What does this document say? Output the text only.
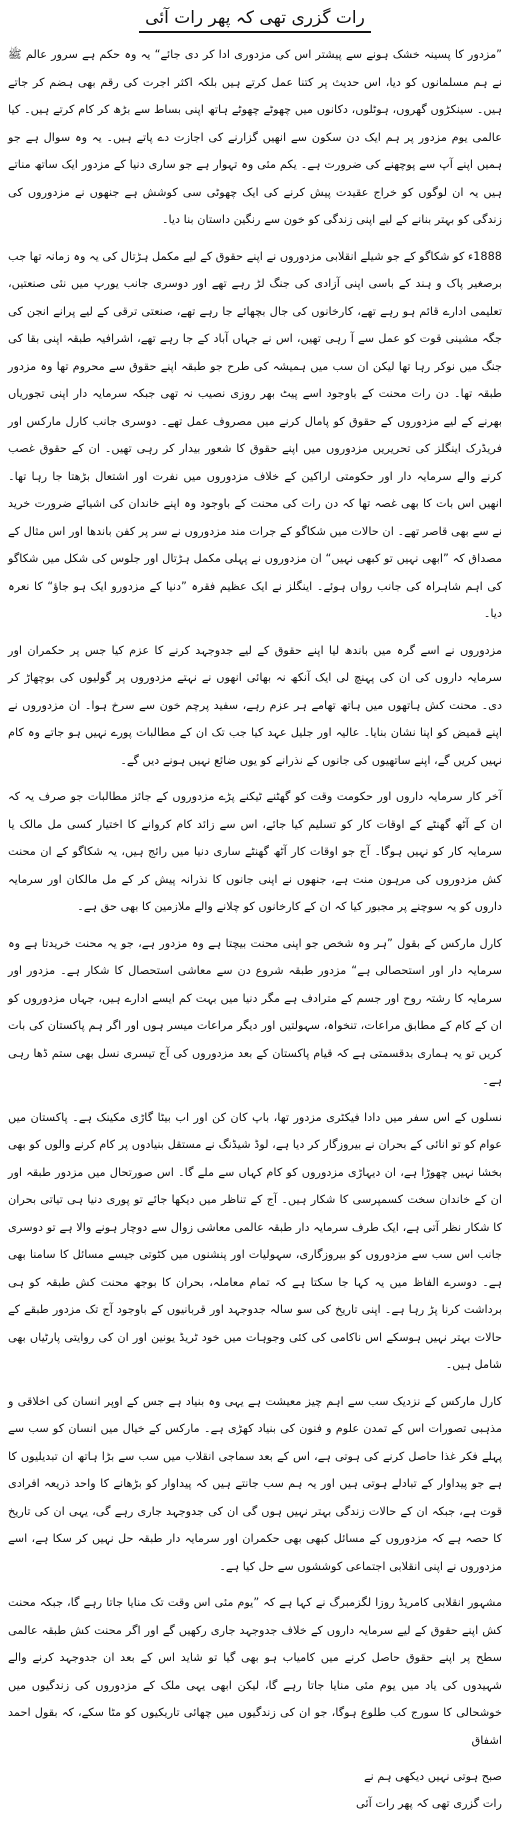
رات گزری تھی کہ پھر رات آئی

”مزدور کا پسینہ خشک ہونے سے پیشتر اس کی مزدوری ادا کر دی جائے“ یہ وہ حکم ہے سرور عالم ﷺ نے ہم مسلمانوں کو دیا، اس حدیث پر کتنا عمل کرتے ہیں بلکہ اکثر اجرت کی رقم بھی ہضم کر جاتے ہیں۔ سینکڑوں گھروں، ہوٹلوں، دکانوں میں چھوٹے چھوٹے ہاتھ اپنی بساط سے بڑھ کر کام کرتے ہیں۔ کیا عالمی یوم مزدور پر ہم ایک دن سکون سے انھیں گزارنے کی اجازت دے پاتے ہیں۔ یہ وہ سوال ہے جو ہمیں اپنے آپ سے پوچھنے کی ضرورت ہے۔ یکم مئی وہ تہوار ہے جو ساری دنیا کے مزدور ایک ساتھ مناتے ہیں یہ ان لوگوں کو خراج عقیدت پیش کرنے کی ایک چھوٹی سی کوشش ہے جنھوں نے مزدوروں کی زندگی کو بہتر بنانے کے لیے اپنی زندگی کو خون سے رنگین داستان بنا دیا۔

1888ء کو شکاگو کے جو شیلے انقلابی مزدوروں نے اپنے حقوق کے لیے مکمل ہڑتال کی یہ وہ زمانہ تھا جب برصغیر پاک و ہند کے باسی اپنی آزادی کی جنگ لڑ رہے تھے اور دوسری جانب یورپ میں نئی صنعتیں، تعلیمی ادارے قائم ہو رہے تھے، کارخانوں کی جال بچھائے جا رہے تھے، صنعتی ترقی کے لیے پرانے انجن کی جگہ مشینی قوت کو عمل سے آ رہی تھیں، اس نے جہاں آباد کے جا رہے تھے، اشرافیہ طبقہ اپنی بقا کی جنگ میں نوکر رہا تھا لیکن ان سب میں ہمیشہ کی طرح جو طبقہ اپنے حقوق سے محروم تھا وہ مزدور طبقہ تھا۔ دن رات محنت کے باوجود اسے پیٹ بھر روزی نصیب نہ تھی جبکہ سرمایہ دار اپنی تجوریاں بھرنے کے لیے مزدوروں کے حقوق کو پامال کرنے میں مصروف عمل تھے۔ دوسری جانب کارل مارکس اور فریڈرک اینگلز کی تحریریں مزدوروں میں اپنے حقوق کا شعور بیدار کر رہی تھیں۔ ان کے حقوق غصب کرنے والے سرمایہ دار اور حکومتی اراکین کے خلاف مزدوروں میں نفرت اور اشتعال بڑھتا جا رہا تھا۔ انھیں اس بات کا بھی غصہ تھا کہ دن رات کی محنت کے باوجود وہ اپنے خاندان کی اشیائے ضرورت خرید نے سے بھی قاصر تھے۔ ان حالات میں شکاگو کے جرات مند مزدوروں نے سر پر کفن باندھا اور اس مثال کے مصداق کہ ”ابھی نہیں تو کبھی نہیں“ ان مزدوروں نے پہلی مکمل ہڑتال اور جلوس کی شکل میں شکاگو کی اہم شاہراہ کی جانب رواں ہوئے۔ اینگلز نے ایک عظیم فقرہ ”دنیا کے مزدورو ایک ہو جاؤ“ کا نعرہ دیا۔

مزدوروں نے اسے گرہ میں باندھ لیا اپنے حقوق کے لیے جدوجہد کرنے کا عزم کیا جس پر حکمران اور سرمایہ داروں کی ان کی پہنچ لی ایک آنکھ نہ بھائی انھوں نے نہتے مزدوروں پر گولیوں کی بوچھاڑ کر دی۔ محنت کش ہاتھوں میں ہاتھ تھامے ہر عزم رہے، سفید پرچم خون سے سرخ ہوا۔ ان مزدوروں نے اپنے قمیض کو اپنا نشان بنایا۔ عالیہ اور جلیل عہد کیا جب تک ان کے مطالبات پورے نہیں ہو جاتے وہ کام نہیں کریں گے، اپنے ساتھیوں کی جانوں کے نذرانے کو یوں ضائع نہیں ہونے دیں گے۔

آخر کار سرمایہ داروں اور حکومت وقت کو گھٹنے ٹیکنے پڑے مزدوروں کے جائز مطالبات جو صرف یہ کہ ان کے آٹھ گھنٹے کے اوقات کار کو تسلیم کیا جائے، اس سے زائد کام کروانے کا اختیار کسی مل مالک یا سرمایہ کار کو نہیں ہوگا۔ آج جو اوقات کار آٹھ گھنٹے ساری دنیا میں رائج ہیں، یہ شکاگو کے ان محنت کش مزدوروں کی مرہون منت ہے، جنھوں نے اپنی جانوں کا نذرانہ پیش کر کے مل مالکان اور سرمایہ داروں کو یہ سوچنے پر مجبور کیا کہ ان کے کارخانوں کو چلانے والے ملازمین کا بھی حق ہے۔

کارل مارکس کے بقول ”ہر وہ شخص جو اپنی محنت بیچتا ہے وہ مزدور ہے، جو یہ محنت خریدتا ہے وہ سرمایہ دار اور استحصالی ہے“ مزدور طبقہ شروع دن سے معاشی استحصال کا شکار ہے۔ مزدور اور سرمایہ کا رشتہ روح اور جسم کے مترادف ہے مگر دنیا میں بہت کم ایسے ادارے ہیں، جہاں مزدوروں کو ان کے کام کے مطابق مراعات، تنخواہ، سہولتیں اور دیگر مراعات میسر ہوں اور اگر ہم پاکستان کی بات کریں تو یہ ہماری بدقسمتی ہے کہ قیام پاکستان کے بعد مزدوروں کی آج تیسری نسل بھی ستم ڈھا رہی ہے۔

نسلوں کے اس سفر میں دادا فیکٹری مزدور تھا، باپ کان کن اور اب بیٹا گاڑی مکینک ہے۔ پاکستان میں عوام کو تو انائی کے بحران نے بیروزگار کر دیا ہے، لوڈ شیڈنگ نے مستقل بنیادوں پر کام کرنے والوں کو بھی بخشا نہیں چھوڑا ہے، ان دیہاڑی مزدوروں کو کام کہاں سے ملے گا۔ اس صورتحال میں مزدور طبقہ اور ان کے خاندان سخت کسمپرسی کا شکار ہیں۔ آج کے تناظر میں دیکھا جائے تو پوری دنیا ہی تیاتی بحران کا شکار نظر آتی ہے، ایک طرف سرمایہ دار طبقہ عالمی معاشی زوال سے دوچار ہونے والا ہے تو دوسری جانب اس سب سے مزدوروں کو بیروزگاری، سہولیات اور پنشنوں میں کٹوتی جیسے مسائل کا سامنا بھی ہے۔ دوسرے الفاظ میں یہ کہا جا سکتا ہے کہ تمام معاملہ، بحران کا بوجھ محنت کش طبقہ کو ہی برداشت کرنا پڑ رہا ہے۔ اپنی تاریخ کی سو سالہ جدوجہد اور قربانیوں کے باوجود آج تک مزدور طبقے کے حالات بہتر نہیں ہوسکے اس ناکامی کی کئی وجوہات میں خود ٹریڈ یونین اور ان کی روایتی پارٹیاں بھی شامل ہیں۔

کارل مارکس کے نزدیک سب سے اہم چیز معیشت ہے یہی وہ بنیاد ہے جس کے اوپر انسان کی اخلاقی و مذہبی تصورات اس کے تمدن علوم و فنون کی بنیاد کھڑی ہے۔ مارکس کے خیال میں انسان کو سب سے پہلے فکر غذا حاصل کرنے کی ہوتی ہے، اس کے بعد سماجی انقلاب میں سب سے بڑا ہاتھ ان تبدیلیوں کا ہے جو پیداوار کے تبادلے ہوتی ہیں اور یہ ہم سب جانتے ہیں کہ پیداوار کو بڑھانے کا واحد ذریعہ افرادی قوت ہے، جبکہ ان کے حالات زندگی بہتر نہیں ہوں گی ان کی جدوجہد جاری رہے گی، یہی ان کی تاریخ کا حصہ ہے کہ مزدوروں کے مسائل کبھی بھی حکمران اور سرمایہ دار طبقہ حل نہیں کر سکا ہے، اسے مزدوروں نے اپنی انقلابی اجتماعی کوششوں سے حل کیا ہے۔

مشہور انقلابی کامریڈ روزا لگزمبرگ نے کہا ہے کہ ”یوم مئی اس وقت تک منایا جاتا رہے گا، جبکہ محنت کش اپنے حقوق کے لیے سرمایہ داروں کے خلاف جدوجہد جاری رکھیں گے اور اگر محنت کش طبقہ عالمی سطح پر اپنے حقوق حاصل کرنے میں کامیاب ہو بھی گیا تو شاید اس کے بعد ان جدوجہد کرنے والے شہیدوں کی یاد میں یوم مئی منایا جاتا رہے گا، لیکن ابھی یہی ملک کے مزدوروں کی زندگیوں میں خوشحالی کا سورج کب طلوع ہوگا، جو ان کی زندگیوں میں چھائی تاریکیوں کو مٹا سکے، کہ بقول احمد اشفاق

صبح ہوتی نہیں دیکھی ہم نے
رات گزری تھی کہ پھر رات آئی
